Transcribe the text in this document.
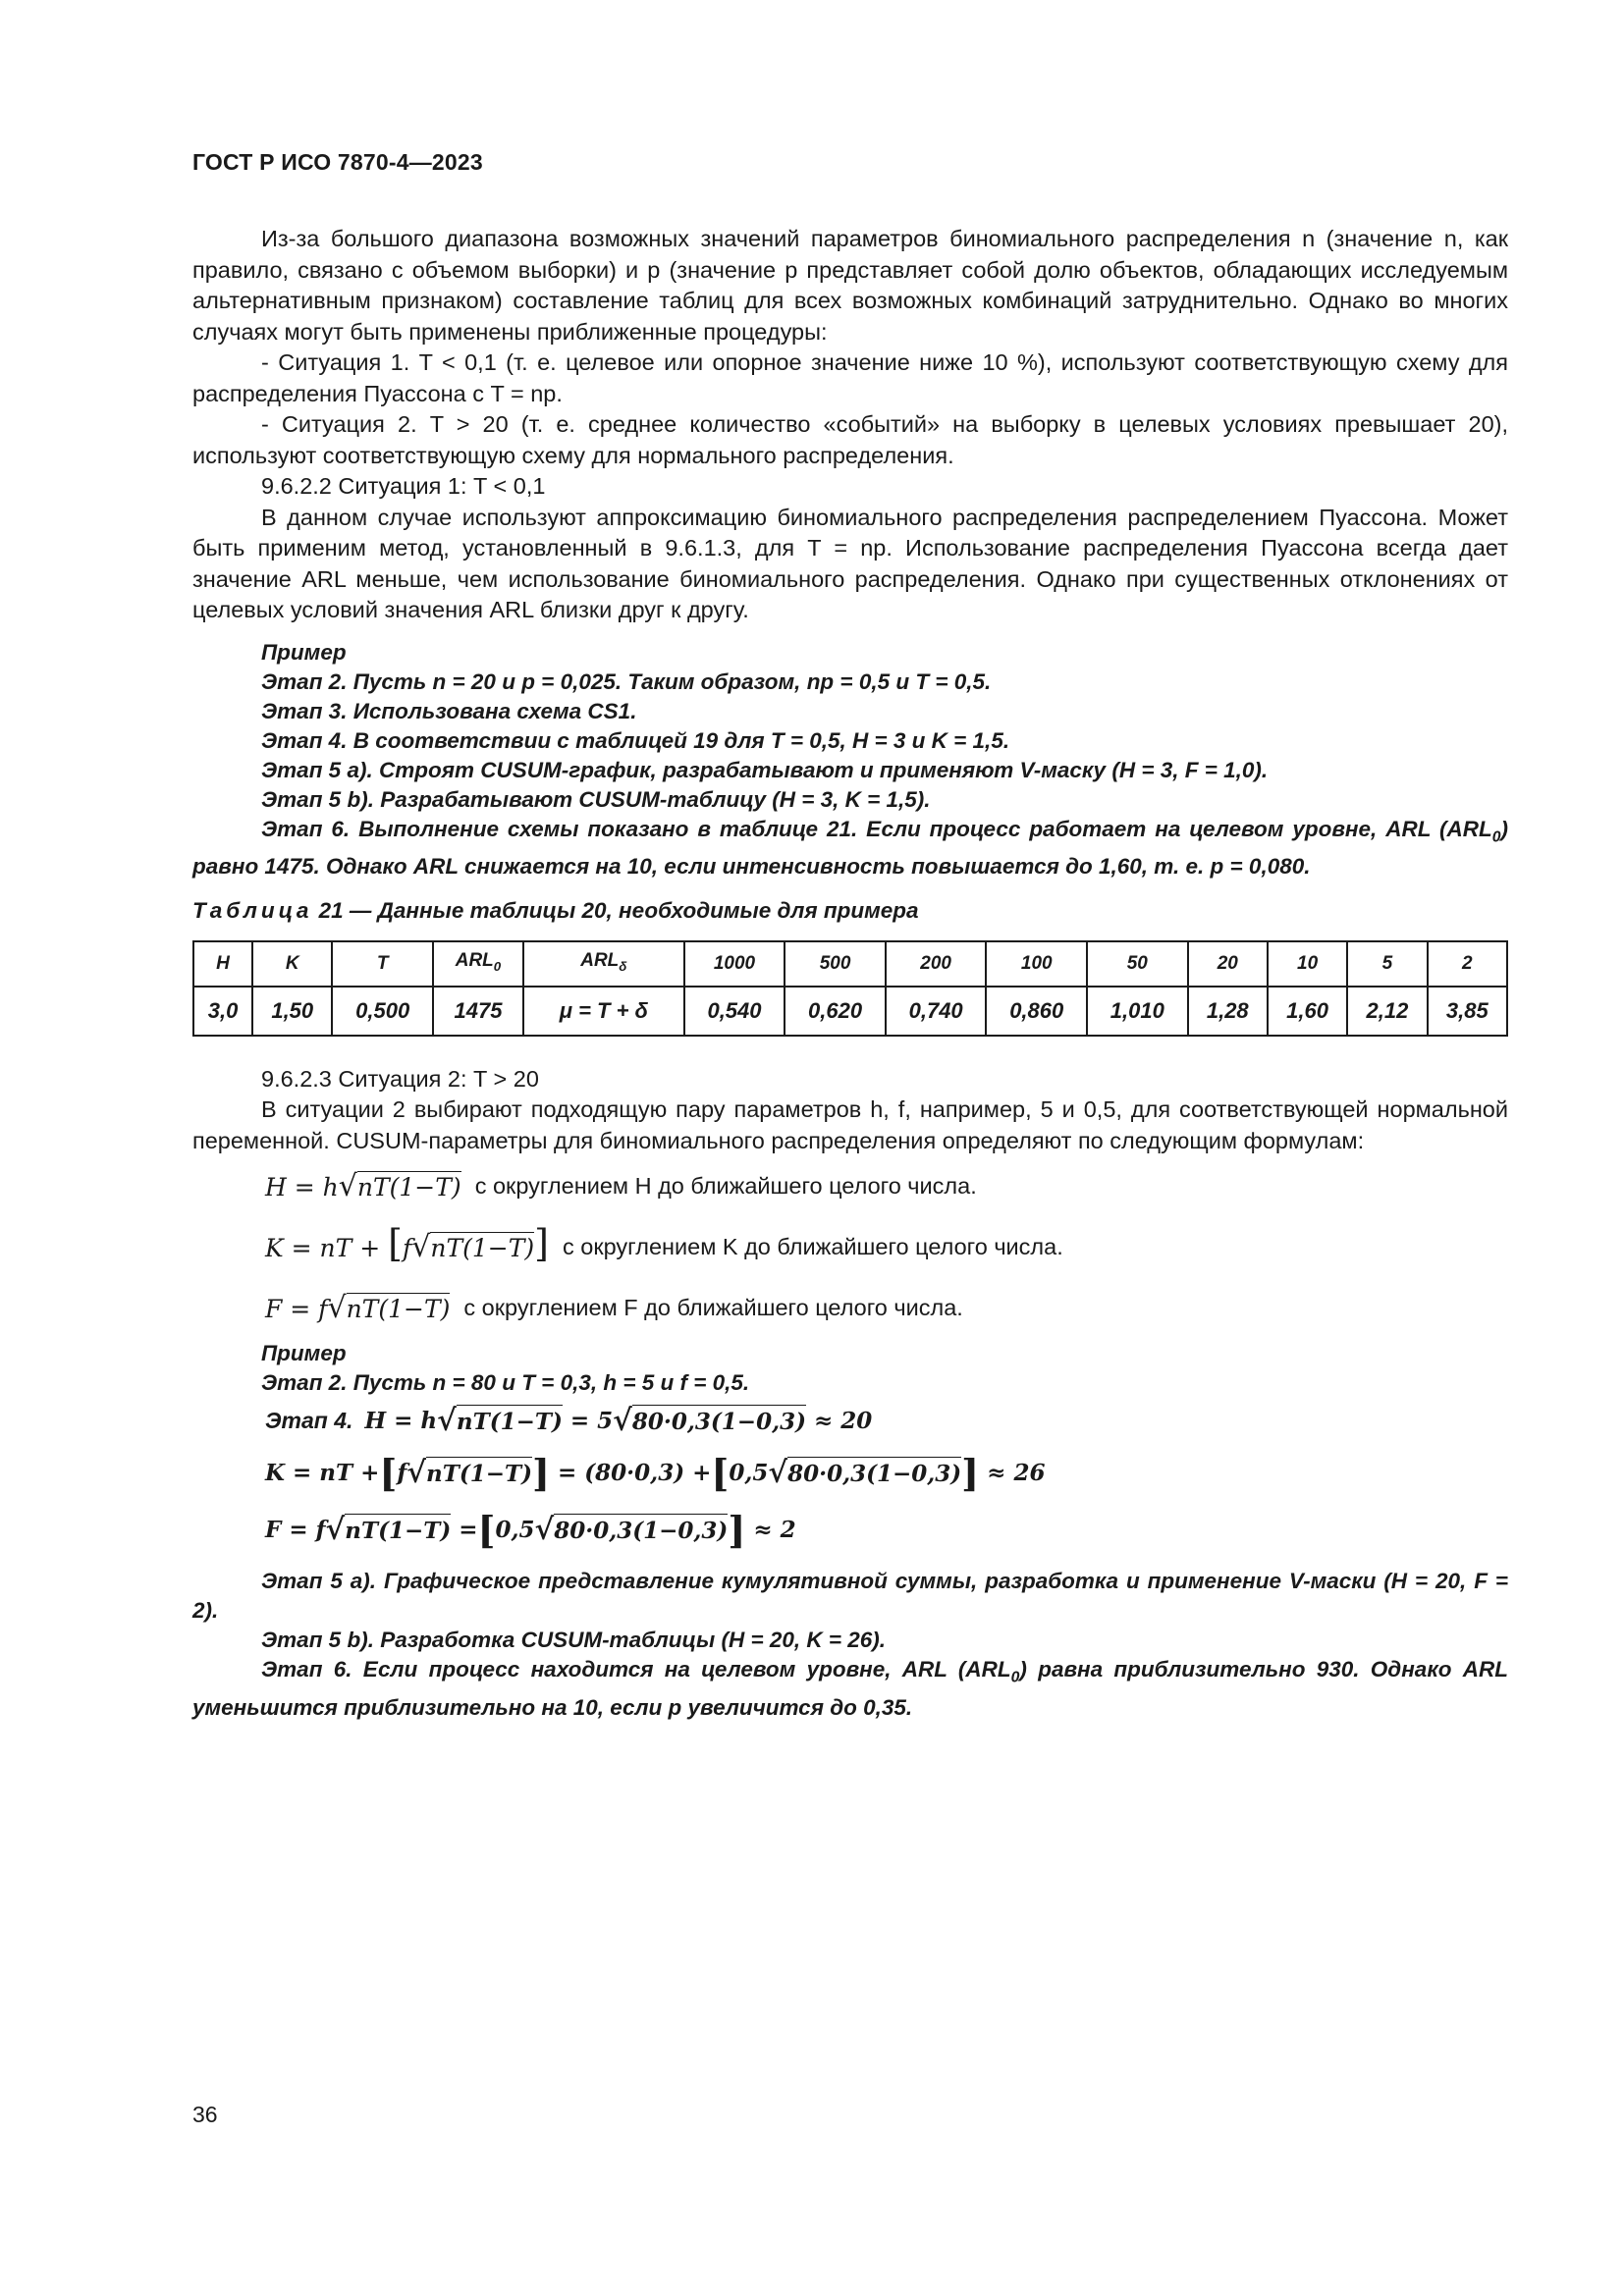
ГОСТ Р ИСО 7870-4—2023

Из-за большого диапазона возможных значений параметров биномиального распределения n (значение n, как правило, связано с объемом выборки) и p (значение p представляет собой долю объектов, обладающих исследуемым альтернативным признаком) составление таблиц для всех возможных комбинаций затруднительно. Однако во многих случаях могут быть применены приближенные процедуры:

- Ситуация 1. T < 0,1 (т. е. целевое или опорное значение ниже 10 %), используют соответствующую схему для распределения Пуассона с T = np.

- Ситуация 2. T > 20 (т. е. среднее количество «событий» на выборку в целевых условиях превышает 20), используют соответствующую схему для нормального распределения.

9.6.2.2 Ситуация 1: T < 0,1

В данном случае используют аппроксимацию биномиального распределения распределением Пуассона. Может быть применим метод, установленный в 9.6.1.3, для T = np. Использование распределения Пуассона всегда дает значение ARL меньше, чем использование биномиального распределения. Однако при существенных отклонениях от целевых условий значения ARL близки друг к другу.

Пример

Этап 2. Пусть n = 20 и p = 0,025. Таким образом, np = 0,5 и T = 0,5.

Этап 3. Использована схема CS1.

Этап 4. В соответствии с таблицей 19 для T = 0,5, H = 3 и K = 1,5.

Этап 5 a). Строят CUSUM-график, разрабатывают и применяют V-маску (H = 3, F = 1,0).

Этап 5 b). Разрабатывают CUSUM-таблицу (H = 3, K = 1,5).

Этап 6. Выполнение схемы показано в таблице 21. Если процесс работает на целевом уровне, ARL $(ARL_0)$ равно 1475. Однако ARL снижается на 10, если интенсивность повышается до 1,60, т. е. p = 0,080.

Таблица 21 — Данные таблицы 20, необходимые для примера
H	K	T	$ARL_0$	$ARL_\delta$	1000	500	200	100	50	20	10	5	2
3,0	1,50	0,500	1475	μ = T + δ	0,540	0,620	0,740	0,860	1,010	1,28	1,60	2,12	3,85

9.6.2.3 Ситуация 2: T > 20

В ситуации 2 выбирают подходящую пару параметров h, f, например, 5 и 0,5, для соответствующей нормальной переменной. CUSUM-параметры для биномиального распределения определяют по следующим формулам:

H = h√nT(1−T) с округлением H до ближайшего целого числа.
K = nT + [f√nT(1−T)] с округлением K до ближайшего целого числа.
F = f√nT(1−T) с округлением F до ближайшего целого числа.

Пример

Этап 2. Пусть n = 80 и T = 0,3, h = 5 и f = 0,5.

Этап 4. H = h √ nT(1−T) = 5 √ 80·0,3(1−0,3)
≈ 20
K = nT + [ f √ nT(1−T) ] = (80·0,3) + [ 0,5 √ 80·0,3(1−0,3) ]
≈ 26
F = f √ nT(1−T) = [ 0,5 √ 80·0,3(1−0,3) ]
≈ 2

Этап 5 a). Графическое представление кумулятивной суммы, разработка и применение V-маски (H = 20, F = 2).

Этап 5 b). Разработка CUSUM-таблицы (H = 20, K = 26).

Этап 6. Если процесс находится на целевом уровне, ARL $(ARL_0)$ равна приблизительно 930. Однако ARL уменьшится приблизительно на 10, если p увеличится до 0,35.

36
